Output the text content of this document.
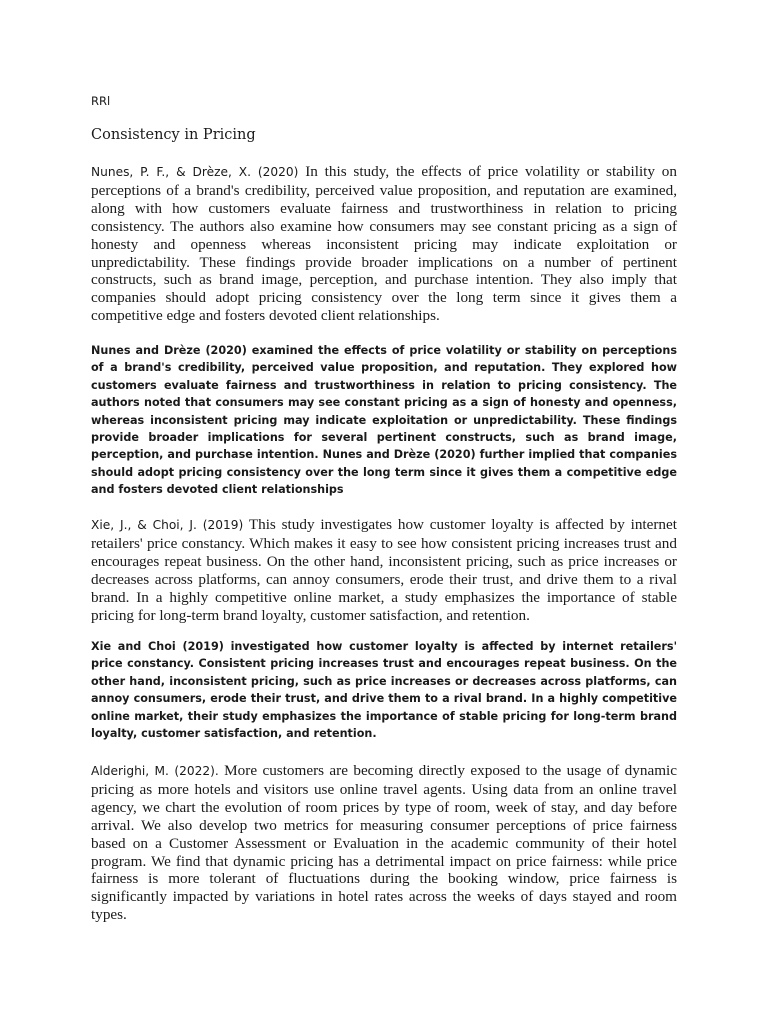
RRl
Consistency in Pricing

Nunes, P. F., & Drèze, X. (2020) In this study, the effects of price volatility or stability on perceptions of a brand's credibility, perceived value proposition, and reputation are examined, along with how customers evaluate fairness and trustworthiness in relation to pricing consistency. The authors also examine how consumers may see constant pricing as a sign of honesty and openness whereas inconsistent pricing may indicate exploitation or unpredictability. These findings provide broader implications on a number of pertinent constructs, such as brand image, perception, and purchase intention. They also imply that companies should adopt pricing consistency over the long term since it gives them a competitive edge and fosters devoted client relationships.

Nunes and Drèze (2020) examined the effects of price volatility or stability on perceptions of a brand's credibility, perceived value proposition, and reputation. They explored how customers evaluate fairness and trustworthiness in relation to pricing consistency. The authors noted that consumers may see constant pricing as a sign of honesty and openness, whereas inconsistent pricing may indicate exploitation or unpredictability. These findings provide broader implications for several pertinent constructs, such as brand image, perception, and purchase intention. Nunes and Drèze (2020) further implied that companies should adopt pricing consistency over the long term since it gives them a competitive edge and fosters devoted client relationships

Xie, J., & Choi, J. (2019) This study investigates how customer loyalty is affected by internet retailers' price constancy. Which makes it easy to see how consistent pricing increases trust and encourages repeat business. On the other hand, inconsistent pricing, such as price increases or decreases across platforms, can annoy consumers, erode their trust, and drive them to a rival brand. In a highly competitive online market, a study emphasizes the importance of stable pricing for long-term brand loyalty, customer satisfaction, and retention.

Xie and Choi (2019) investigated how customer loyalty is affected by internet retailers' price constancy. Consistent pricing increases trust and encourages repeat business. On the other hand, inconsistent pricing, such as price increases or decreases across platforms, can annoy consumers, erode their trust, and drive them to a rival brand. In a highly competitive online market, their study emphasizes the importance of stable pricing for long-term brand loyalty, customer satisfaction, and retention.

Alderighi, M. (2022). More customers are becoming directly exposed to the usage of dynamic pricing as more hotels and visitors use online travel agents. Using data from an online travel agency, we chart the evolution of room prices by type of room, week of stay, and day before arrival. We also develop two metrics for measuring consumer perceptions of price fairness based on a Customer Assessment or Evaluation in the academic community of their hotel program. We find that dynamic pricing has a detrimental impact on price fairness: while price fairness is more tolerant of fluctuations during the booking window, price fairness is significantly impacted by variations in hotel rates across the weeks of days stayed and room types.
